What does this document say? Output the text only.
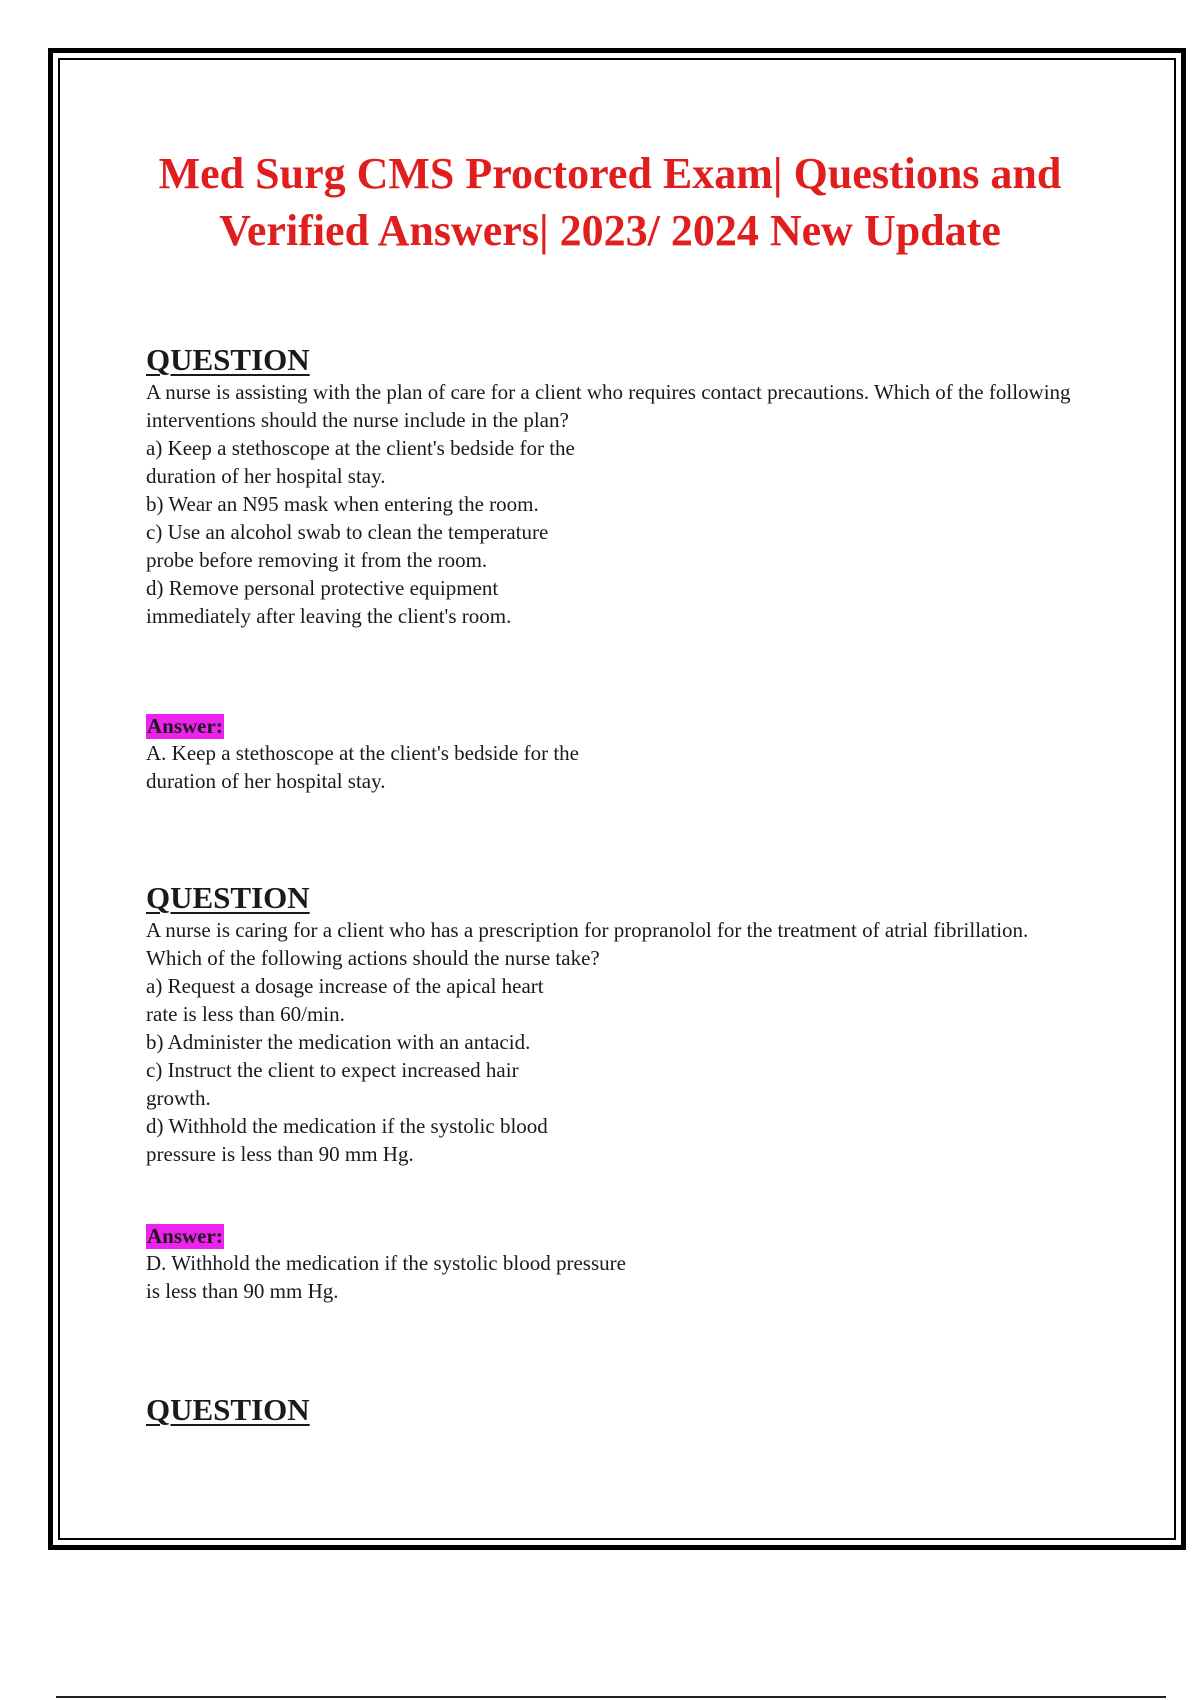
Med Surg CMS Proctored Exam| Questions and Verified Answers| 2023/ 2024 New Update
QUESTION
A nurse is assisting with the plan of care for a client who requires contact precautions. Which of the following interventions should the nurse include in the plan?
a) Keep a stethoscope at the client's bedside for the duration of her hospital stay.
b) Wear an N95 mask when entering the room.
c) Use an alcohol swab to clean the temperature probe before removing it from the room.
d) Remove personal protective equipment immediately after leaving the client's room.
Answer:
A. Keep a stethoscope at the client's bedside for the duration of her hospital stay.
QUESTION
A nurse is caring for a client who has a prescription for propranolol for the treatment of atrial fibrillation. Which of the following actions should the nurse take?
a) Request a dosage increase of the apical heart rate is less than 60/min.
b) Administer the medication with an antacid.
c) Instruct the client to expect increased hair growth.
d) Withhold the medication if the systolic blood pressure is less than 90 mm Hg.
Answer:
D. Withhold the medication if the systolic blood pressure is less than 90 mm Hg.
QUESTION
